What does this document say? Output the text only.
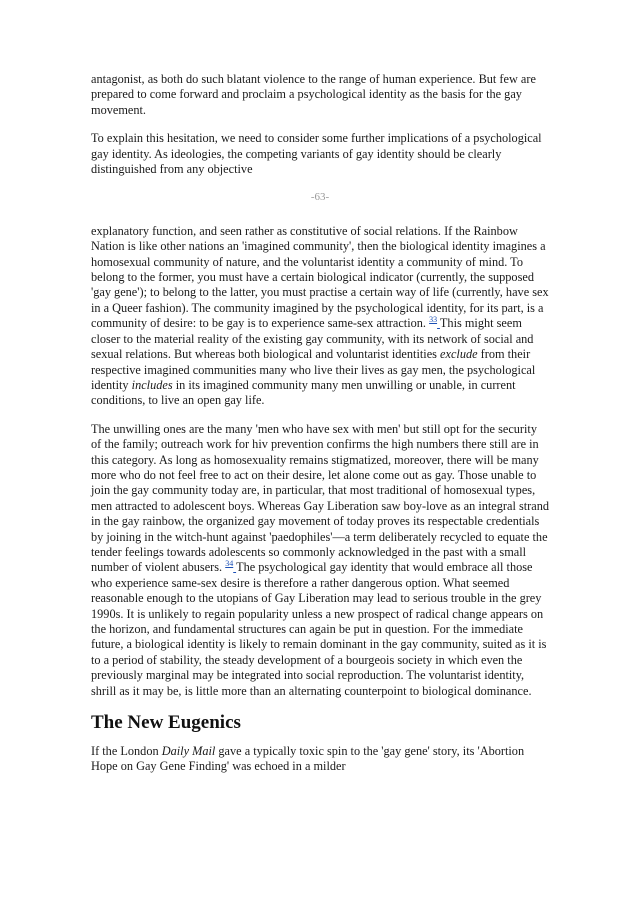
antagonist, as both do such blatant violence to the range of human experience. But few are prepared to come forward and proclaim a psychological identity as the basis for the gay movement.

To explain this hesitation, we need to consider some further implications of a psychological gay identity. As ideologies, the competing variants of gay identity should be clearly distinguished from any objective

-63-

explanatory function, and seen rather as constitutive of social relations. If the Rainbow Nation is like other nations an 'imagined community', then the biological identity imagines a homosexual community of nature, and the voluntarist identity a community of mind. To belong to the former, you must have a certain biological indicator (currently, the supposed 'gay gene'); to belong to the latter, you must practise a certain way of life (currently, have sex in a Queer fashion). The community imagined by the psychological identity, for its part, is a community of desire: to be gay is to experience same-sex attraction. $^{33}$ This might seem closer to the material reality of the existing gay community, with its network of social and sexual relations. But whereas both biological and voluntarist identities exclude from their respective imagined communities many who live their lives as gay men, the psychological identity includes in its imagined community many men unwilling or unable, in current conditions, to live an open gay life.

The unwilling ones are the many 'men who have sex with men' but still opt for the security of the family; outreach work for hiv prevention confirms the high numbers there still are in this category. As long as homosexuality remains stigmatized, moreover, there will be many more who do not feel free to act on their desire, let alone come out as gay. Those unable to join the gay community today are, in particular, that most traditional of homosexual types, men attracted to adolescent boys. Whereas Gay Liberation saw boy-love as an integral strand in the gay rainbow, the organized gay movement of today proves its respectable credentials by joining in the witch-hunt against 'paedophiles'—a term deliberately recycled to equate the tender feelings towards adolescents so commonly acknowledged in the past with a small number of violent abusers. $^{34}$ The psychological gay identity that would embrace all those who experience same-sex desire is therefore a rather dangerous option. What seemed reasonable enough to the utopians of Gay Liberation may lead to serious trouble in the grey 1990s. It is unlikely to regain popularity unless a new prospect of radical change appears on the horizon, and fundamental structures can again be put in question. For the immediate future, a biological identity is likely to remain dominant in the gay community, suited as it is to a period of stability, the steady development of a bourgeois society in which even the previously marginal may be integrated into social reproduction. The voluntarist identity, shrill as it may be, is little more than an alternating counterpoint to biological dominance.

The New Eugenics

If the London Daily Mail gave a typically toxic spin to the 'gay gene' story, its 'Abortion Hope on Gay Gene Finding' was echoed in a milder
